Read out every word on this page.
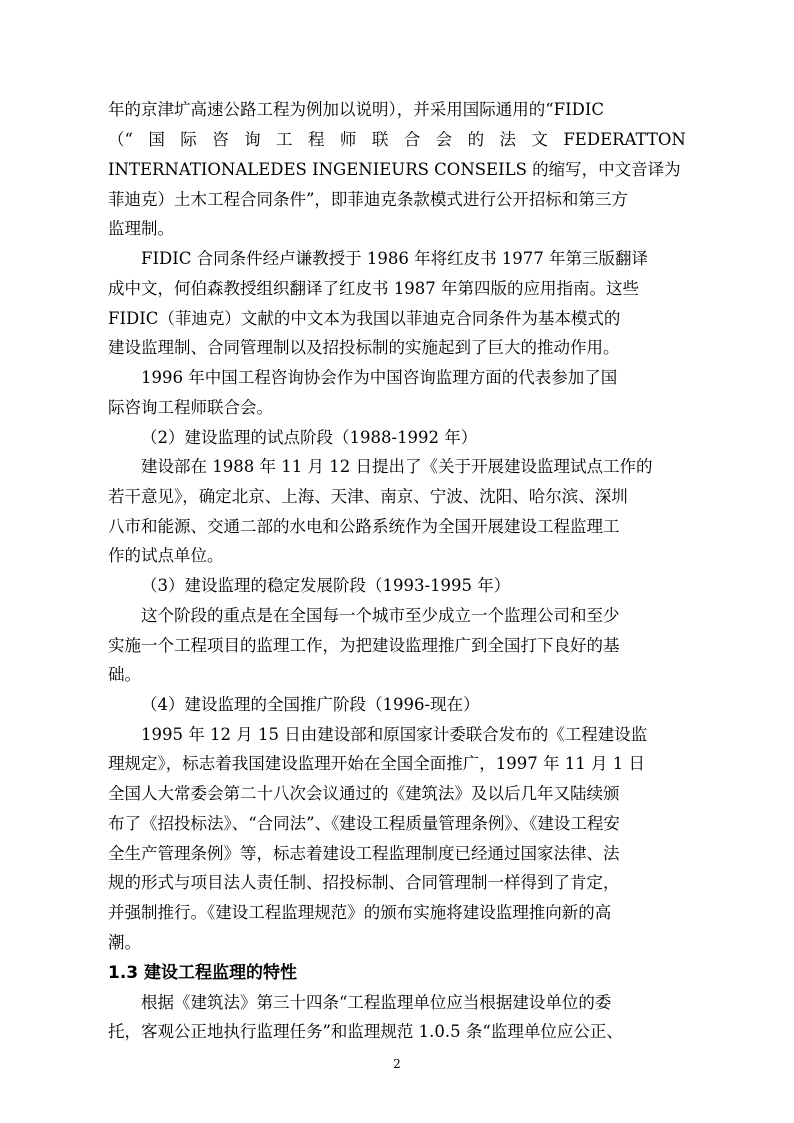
年的京津圹高速公路工程为例加以说明），并采用国际通用的“FIDIC

（“ 国 际 咨 询 工 程 师 联 合 会 的 法 文 FEDERATTON

INTERNATIONALEDES INGENIEURS CONSEILS 的缩写，中文音译为

菲迪克）土木工程合同条件”，即菲迪克条款模式进行公开招标和第三方

监理制。

FIDIC 合同条件经卢谦教授于 1986 年将红皮书 1977 年第三版翻译

成中文，何伯森教授组织翻译了红皮书 1987 年第四版的应用指南。这些

FIDIC（菲迪克）文献的中文本为我国以菲迪克合同条件为基本模式的

建设监理制、合同管理制以及招投标制的实施起到了巨大的推动作用。

1996 年中国工程咨询协会作为中国咨询监理方面的代表参加了国

际咨询工程师联合会。

（2）建设监理的试点阶段（1988-1992 年）

建设部在 1988 年 11 月 12 日提出了《关于开展建设监理试点工作的

若干意见》，确定北京、上海、天津、南京、宁波、沈阳、哈尔滨、深圳

八市和能源、交通二部的水电和公路系统作为全国开展建设工程监理工

作的试点单位。

（3）建设监理的稳定发展阶段（1993-1995 年）

这个阶段的重点是在全国每一个城市至少成立一个监理公司和至少

实施一个工程项目的监理工作，为把建设监理推广到全国打下良好的基

础。

（4）建设监理的全国推广阶段（1996-现在）

1995 年 12 月 15 日由建设部和原国家计委联合发布的《工程建设监

理规定》，标志着我国建设监理开始在全国全面推广，1997 年 11 月 1 日

全国人大常委会第二十八次会议通过的《建筑法》及以后几年又陆续颁

布了《招投标法》、“合同法”、《建设工程质量管理条例》、《建设工程安

全生产管理条例》等，标志着建设工程监理制度已经通过国家法律、法

规的形式与项目法人责任制、招投标制、合同管理制一样得到了肯定，

并强制推行。《建设工程监理规范》的颁布实施将建设监理推向新的高

潮。

1.3 建设工程监理的特性

根据《建筑法》第三十四条“工程监理单位应当根据建设单位的委

托，客观公正地执行监理任务”和监理规范 1.0.5 条“监理单位应公正、

2
